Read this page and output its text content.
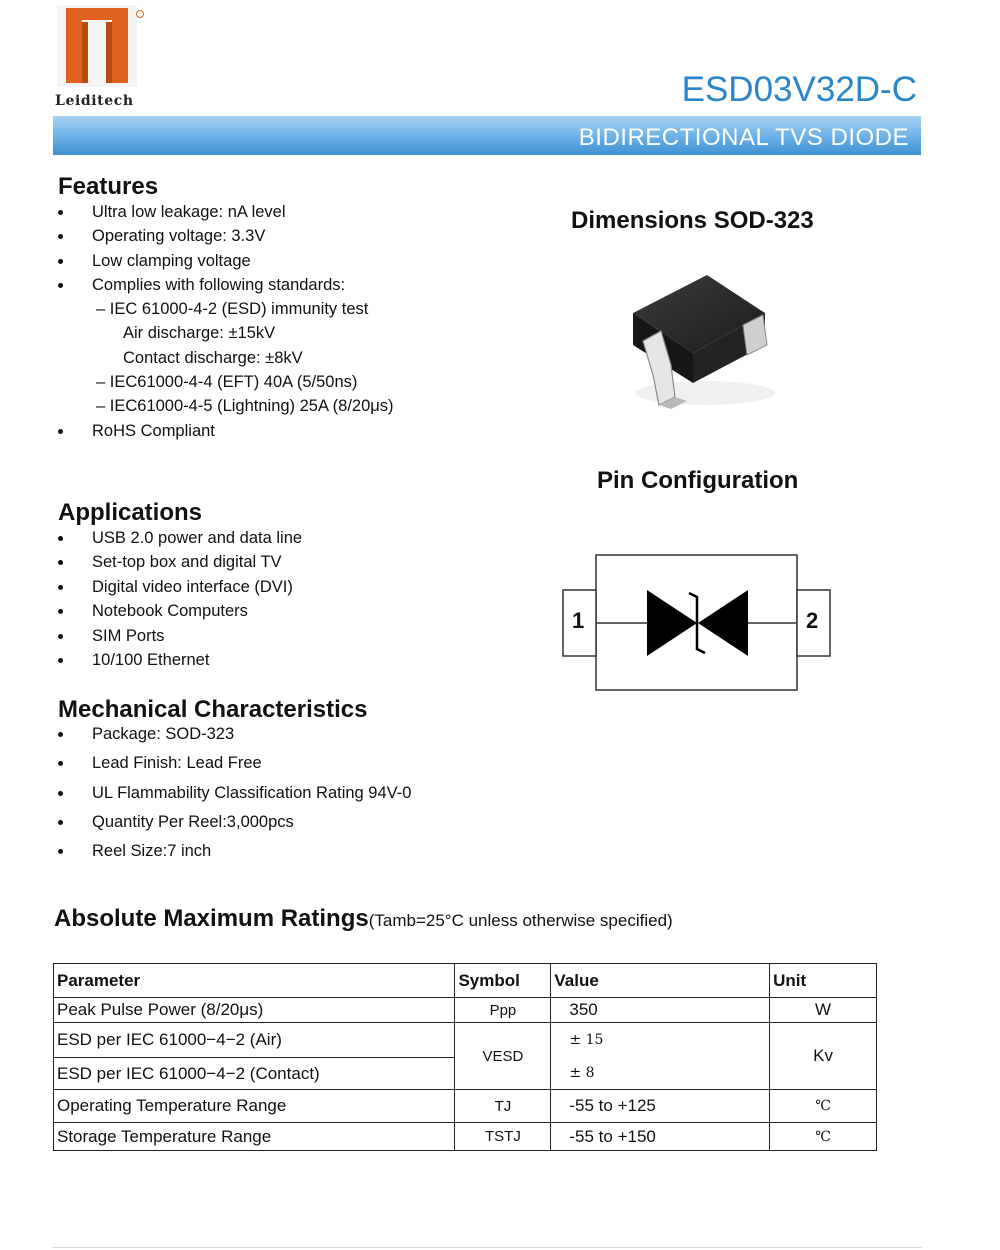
Leiditech	ESD03V32D-C
BIDIRECTIONAL TVS DIODE
Features
Ultra low leakage: nA level
Operating voltage: 3.3V
Low clamping voltage
Complies with following standards:
– IEC 61000-4-2 (ESD) immunity test
Air discharge: ±15kV
Contact discharge: ±8kV
– IEC61000-4-4 (EFT) 40A (5/50ns)
– IEC61000-4-5 (Lightning) 25A (8/20μs)
RoHS Compliant
Applications
USB 2.0 power and data line
Set-top box and digital TV
Digital video interface (DVI)
Notebook Computers
SIM Ports
10/100 Ethernet
Mechanical Characteristics
Package: SOD-323
Lead Finish: Lead Free
UL Flammability Classification Rating 94V-0
Quantity Per Reel:3,000pcs
Reel Size:7 inch
Dimensions SOD-323
Pin Configuration
1	2
Absolute Maximum Ratings(Tamb=25°C unless otherwise specified)
Parameter	Symbol	Value	Unit
Peak Pulse Power (8/20μs)	Ppp	350	W
ESD per IEC 61000−4−2 (Air)	VESD	± 15	Kv
ESD per IEC 61000−4−2 (Contact)		± 8	
Operating Temperature Range	TJ	-55 to +125	℃
Storage Temperature Range	TSTJ	-55 to +150	℃
